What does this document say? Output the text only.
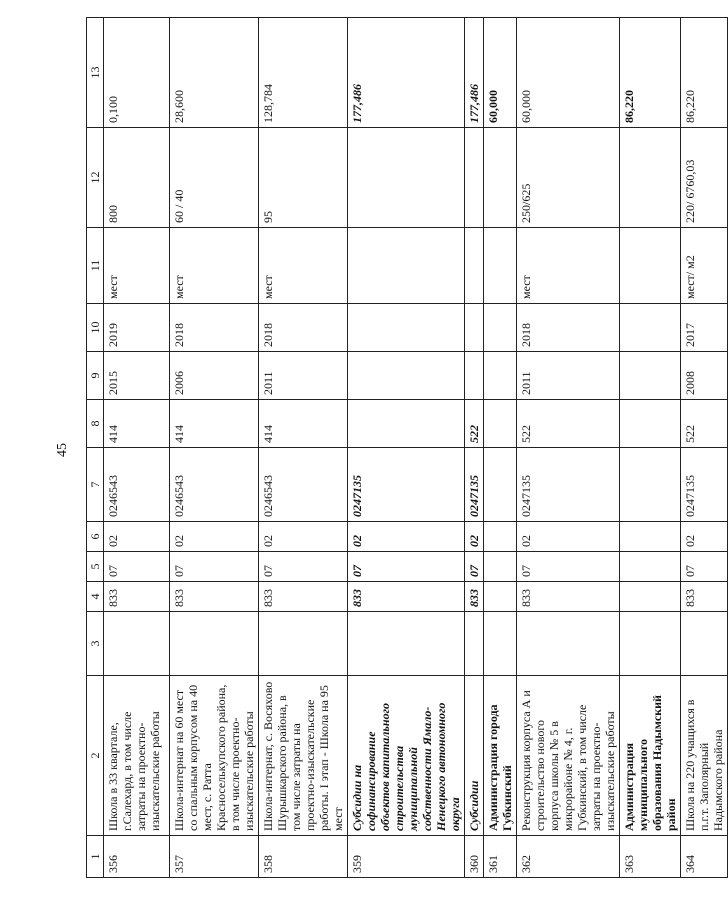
45
1	2	3	4	5	6	7	8	9	10	11	12	13
356	Школа в 33 квартале, г.Салехард, в том числе затраты на проектно-изыскательские работы		833	07	02	0246543	414	2015	2019	мест	800	0,100
357	Школа-интернат на 60 мест со спальным корпусом на 40 мест, с. Ратта Красноселькупского района, в том числе проектно-изыскательские работы		833	07	02	0246543	414	2006	2018	мест	60 / 40	28,600
358	Школа-интернат, с. Восяхово Шурышкарского района, в том числе затраты на проектно-изыскательские работы. I этап - Школа на 95 мест		833	07	02	0246543	414	2011	2018	мест	95	128,784
359	Субсидии на софинансирование объектов капитального строительства муниципальной собственности Ямало-Ненецкого автономного округа		833	07	02	0247135						177,486
360	Субсидии		833	07	02	0247135	522					177,486
361	Администрация города Губкинский											60,000
362	Реконструкция корпуса А и строительство нового корпуса школы № 5 в микрорайоне № 4, г. Губкинский, в том числе затраты на проектно-изыскательские работы		833	07	02	0247135	522	2011	2018	мест	250/625	60,000
363	Администрация муниципального образования Надымский район											86,220
364	Школа на 220 учащихся в п.г.т. Заполярный Надымского района		833	07	02	0247135	522	2008	2017	мест/ м2	220/ 6760,03	86,220
